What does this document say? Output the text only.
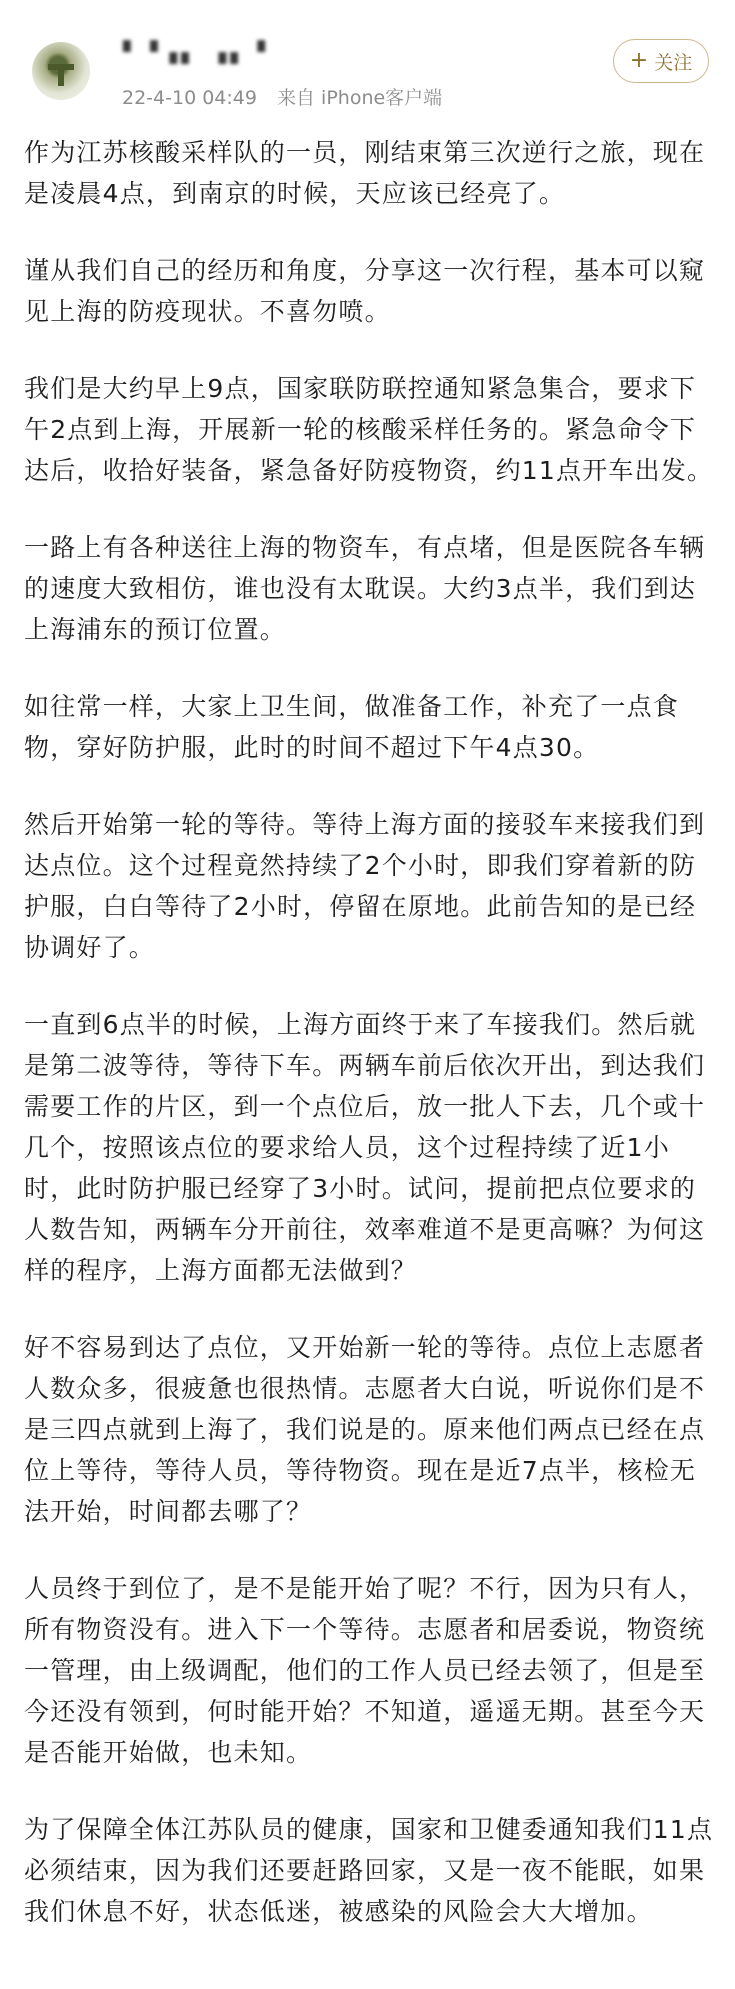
▘▝▗▖ ▗▖▝
22-4-10 04:49 来自 iPhone客户端
+ 关注

作为江苏核酸采样队的一员，刚结束第三次逆行之旅，现在是凌晨4点，到南京的时候，天应该已经亮了。

谨从我们自己的经历和角度，分享这一次行程，基本可以窥见上海的防疫现状。不喜勿喷。

我们是大约早上9点，国家联防联控通知紧急集合，要求下午2点到上海，开展新一轮的核酸采样任务的。紧急命令下达后，收拾好装备，紧急备好防疫物资，约11点开车出发。

一路上有各种送往上海的物资车，有点堵，但是医院各车辆的速度大致相仿，谁也没有太耽误。大约3点半，我们到达上海浦东的预订位置。

如往常一样，大家上卫生间，做准备工作，补充了一点食物，穿好防护服，此时的时间不超过下午4点30。

然后开始第一轮的等待。等待上海方面的接驳车来接我们到达点位。这个过程竟然持续了2个小时，即我们穿着新的防护服，白白等待了2小时，停留在原地。此前告知的是已经协调好了。

一直到6点半的时候，上海方面终于来了车接我们。然后就是第二波等待，等待下车。两辆车前后依次开出，到达我们需要工作的片区，到一个点位后，放一批人下去，几个或十几个，按照该点位的要求给人员，这个过程持续了近1小时，此时防护服已经穿了3小时。试问，提前把点位要求的人数告知，两辆车分开前往，效率难道不是更高嘛？为何这样的程序，上海方面都无法做到？

好不容易到达了点位，又开始新一轮的等待。点位上志愿者人数众多，很疲惫也很热情。志愿者大白说，听说你们是不是三四点就到上海了，我们说是的。原来他们两点已经在点位上等待，等待人员，等待物资。现在是近7点半，核检无法开始，时间都去哪了？

人员终于到位了，是不是能开始了呢？不行，因为只有人，所有物资没有。进入下一个等待。志愿者和居委说，物资统一管理，由上级调配，他们的工作人员已经去领了，但是至今还没有领到，何时能开始？不知道，遥遥无期。甚至今天是否能开始做，也未知。

为了保障全体江苏队员的健康，国家和卫健委通知我们11点必须结束，因为我们还要赶路回家，又是一夜不能眠，如果我们休息不好，状态低迷，被感染的风险会大大增加。
